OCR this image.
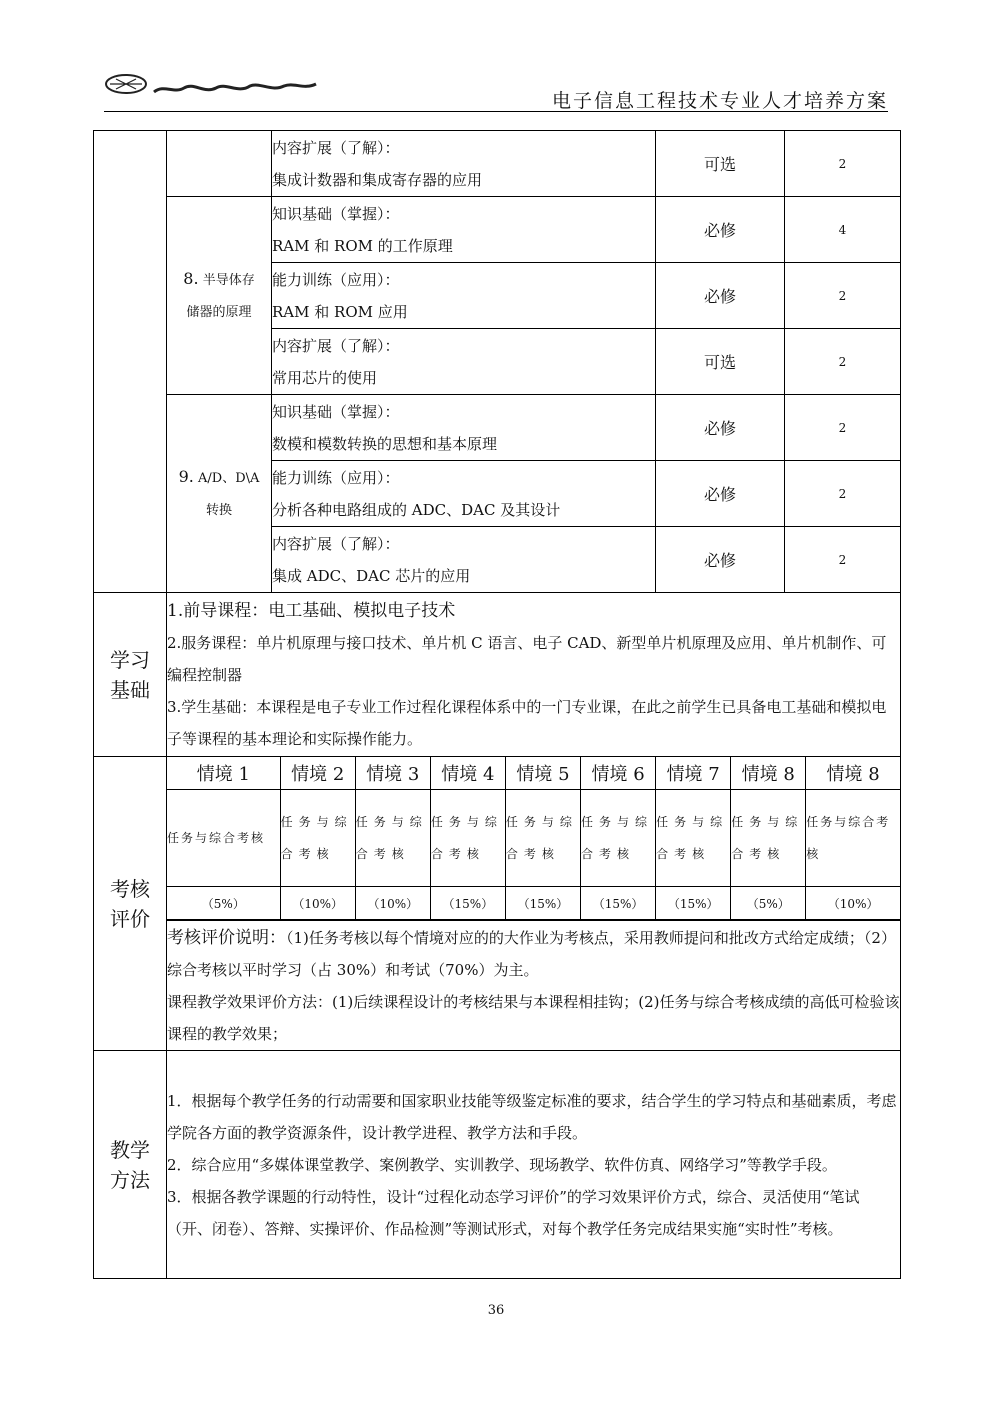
电子信息工程技术专业人才培养方案

内容扩展（了解）：
集成计数器和集成寄存器的应用
	可选	2

8. 半导体存
储器的原理

知识基础（掌握）：
RAM 和 ROM 的工作原理
	必修	4

能力训练（应用）：
RAM 和 ROM 应用
	必修	2

内容扩展（了解）：
常用芯片的使用
	可选	2

9. A/D、D\A
转换

知识基础（掌握）：
数模和模数转换的思想和基本原理
	必修	2

能力训练（应用）：
分析各种电路组成的 ADC、DAC 及其设计
	必修	2

内容扩展（了解）：
集成 ADC、DAC 芯片的应用
	必修	2

学习
基础

1.前导课程：电工基础、模拟电子技术
2.服务课程：单片机原理与接口技术、单片机 C 语言、电子 CAD、新型单片机原理及应用、单片机制作、可编程控制器
3.学生基础：本课程是电子专业工作过程化课程体系中的一门专业课，在此之前学生已具备电工基础和模拟电子等课程的基本理论和实际操作能力。

考核
评价

情境 1	情境 2	情境 3	情境 4	情境 5	情境 6	情境 7	情境 8	情境 8
任务与综合考核	任务与综合考核	任务与综合考核	任务与综合考核	任务与综合考核	任务与综合考核	任务与综合考核	任务与综合考核	任务与综合考核
（5%）	（10%）	（10%）	（15%）	（15%）	（15%）	（15%）	（5%）	（10%）

考核评价说明：（1)任务考核以每个情境对应的的大作业为考核点，采用教师提问和批改方式给定成绩；（2）综合考核以平时学习（占 30%）和考试（70%）为主。
课程教学效果评价方法：(1)后续课程设计的考核结果与本课程相挂钩；(2)任务与综合考核成绩的高低可检验该课程的教学效果；

教学
方法

1．根据每个教学任务的行动需要和国家职业技能等级鉴定标准的要求，结合学生的学习特点和基础素质，考虑学院各方面的教学资源条件，设计教学进程、教学方法和手段。
2．综合应用“多媒体课堂教学、案例教学、实训教学、现场教学、软件仿真、网络学习”等教学手段。
3．根据各教学课题的行动特性，设计“过程化动态学习评价”的学习效果评价方式，综合、灵活使用“笔试（开、闭卷）、答辩、实操评价、作品检测”等测试形式，对每个教学任务完成结果实施“实时性”考核。
36
